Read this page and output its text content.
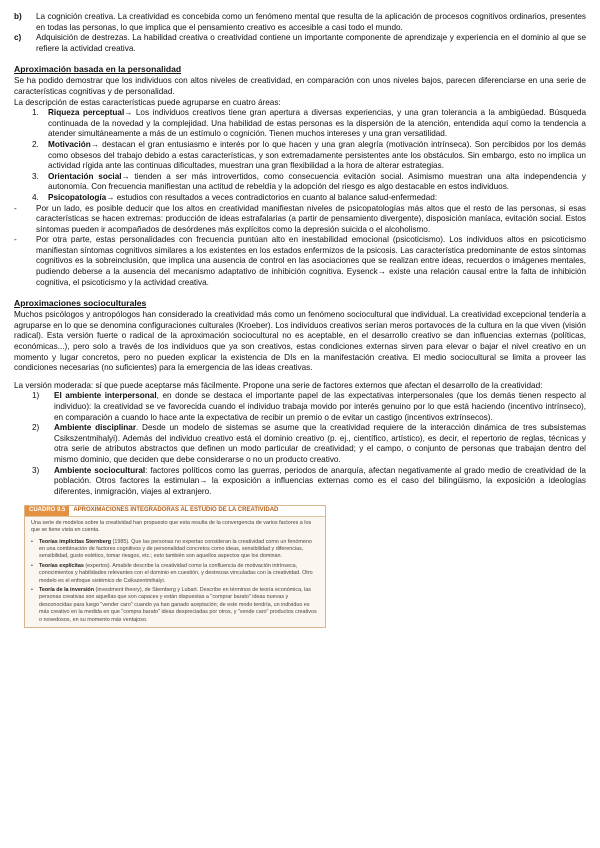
b)	La cognición creativa. La creatividad es concebida como un fenómeno mental que resulta de la aplicación de procesos cognitivos ordinarios, presentes en todas las personas, lo que implica que el pensamiento creativo es accesible a casi todo el mundo.
c)	Adquisición de destrezas. La habilidad creativa o creatividad contiene un importante componente de aprendizaje y experiencia en el dominio al que se refiere la actividad creativa.
Aproximación basada en la personalidad

Se ha podido demostrar que los individuos con altos niveles de creatividad, en comparación con unos niveles bajos, parecen diferenciarse en una serie de características cognitivas y de personalidad.

La descripción de estas características puede agruparse en cuatro áreas:

1.	Riqueza perceptual→ Los individuos creativos tiene gran apertura a diversas experiencias, y una gran tolerancia a la ambigüedad. Búsqueda continuada de la novedad y la complejidad. Una habilidad de estas personas es la dispersión de la atención, entendida aquí como la tendencia a atender simultáneamente a más de un estímulo o cognición. Tienen muchos intereses y una gran versatilidad.
2.	Motivación→ destacan el gran entusiasmo e interés por lo que hacen y una gran alegría (motivación intrínseca). Son percibidos por los demás como obsesos del trabajo debido a estas características, y son extremadamente persistentes ante los obstáculos. Sin embargo, esto no implica un actividad rígida ante las continuas dificultades, muestran una gran flexibilidad a la hora de alterar estrategias.
3.	Orientación social→ tienden a ser más introvertidos, como consecuencia evitación social. Asimismo muestran una alta independencia y autonomía. Con frecuencia manifiestan una actitud de rebeldía y la adopción del riesgo es algo destacable en estos individuos.
4.	Psicopatología→ estudios con resultados a veces contradictorios en cuanto al balance salud-enfermedad:
-	Por un lado, es posible deducir que los altos en creatividad manifiestan niveles de psicopatologías más altos que el resto de las personas, si esas características se hacen extremas: producción de ideas estrafalarias (a partir de pensamiento divergente), disposición maníaca, evitación social. Estos síntomas pueden ir acompañados de desórdenes más explícitos como la depresión suicida o el alcoholismo.
-	Por otra parte, estas personalidades con frecuencia puntúan alto en inestabilidad emocional (psicoticismo). Los individuos altos en psicoticismo manifiestan síntomas cognitivos similares a los existentes en los estados enfermizos de la psicosis. Las característica predominante de estos síntomas cognitivos es la sobreinclusión, que implica una ausencia de control en las asociaciones que se realizan entre ideas, recuerdos o imágenes mentales, pudiendo deberse a la ausencia del mecanismo adaptativo de inhibición cognitiva. Eysenck→ existe una relación causal entre la falta de inhibición cognitiva, el psicoticismo y la actividad creativa.
Aproximaciones socioculturales

Muchos psicólogos y antropólogos han considerado la creatividad más como un fenómeno sociocultural que individual. La creatividad excepcional tendería a agruparse en lo que se denomina configuraciones culturales (Kroeber). Los individuos creativos serían meros portavoces de la cultura en la que viven (visión radical). Esta versión fuerte o radical de la aproximación sociocultural no es aceptable, en el desarrollo creativo se dan influencias externas (políticas, económicas...), pero solo a través de los individuos que ya son creativos, estas condiciones externas sirven para elevar o bajar el nivel creativo en un momento y lugar concretos, pero no pueden explicar la existencia de DIs en la manifestación creativa. El medio sociocultural se limita a proveer las condiciones necesarias (no suficientes) para la emergencia de las ideas creativas.

La versión moderada: sí que puede aceptarse más fácilmente. Propone una serie de factores externos que afectan el desarrollo de la creatividad:

1)	El ambiente interpersonal, en donde se destaca el importante papel de las expectativas interpersonales (que los demás tienen respecto al individuo): la creatividad se ve favorecida cuando el individuo trabaja movido por interés genuino por lo que está haciendo (incentivo intrínseco), en comparación a cuando lo hace ante la expectativa de recibir un premio o de evitar un castigo (incentivos extrínsecos).
2)	Ambiente disciplinar. Desde un modelo de sistemas se asume que la creatividad requiere de la interacción dinámica de tres subsistemas Csikszentmihalyi). Además del individuo creativo está el dominio creativo (p. ej., científico, artístico), es decir, el repertorio de reglas, técnicas y otra serie de atributos abstractos que definen un modo particular de creatividad; y el campo, o conjunto de personas que trabajan dentro del mismo dominio, que deciden que debe considerarse o no un producto creativo.
3)	Ambiente sociocultural: factores políticos como las guerras, periodos de anarquía, afectan negativamente al grado medio de creatividad de la población. Otros factores la estimulan→ la exposición a influencias externas como es el caso del bilingüismo, la exposición a ideologías diferentes, inmigración, viajes al extranjero.
CUADRO 9.5	APROXIMACIONES INTEGRADORAS AL ESTUDIO DE LA CREATIVIDAD
Una serie de modelos sobre la creatividad han propuesto que esta resulta de la convergencia de varios factores a los que se tiene vista en cuenta.
•	Teorías implícitas Sternberg (1985). Que las personas no expertas consideran la creatividad como un fenómeno en una combinación de factores cognitivos y de personalidad concretos como ideas, sensibilidad y diferencias, sensibilidad, gusto estético, tomar riesgos, etc.; esto también son aquellos aspectos que los dominan.
•	Teorías explícitas (expertos). Amabile describe la creatividad como la confluencia de motivación intrínseca, conocimientos y habilidades relevantes con el dominio en cuestión, y destrezas vinculadas con la creatividad. Otro modelo es el enfoque sistémico de Csikszentmihalyi.
•	Teoría de la inversión (investment theory), de Sternberg y Lubart. Describe en términos de teoría económica, las personas creativas son aquellas que son capaces y están dispuestas a "comprar barato" ideas nuevas y desconocidas para luego "vender caro" cuando ya han ganado aceptación; de este modo tendría, un individuo es más creativo en la medida en que "compra barato" ideas despreciadas por otros, y "vende caro" productos creativos o novedosos, en su momento más ventajoso.
